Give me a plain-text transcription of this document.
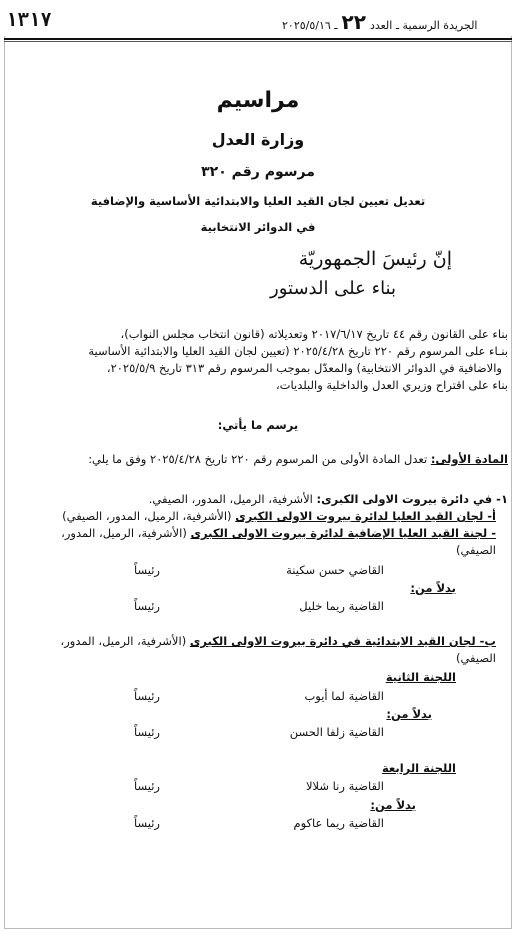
١٣١٧	الجريدة الرسمية ـ العدد٢٢ـ ٢٠٢٥/٥/١٦
مراسيم
وزارة العدل
مرسوم رقم ٣٢٠
تعديل تعيين لجان القيد العليا والابتدائية الأساسية والإضافية
في الدوائر الانتخابية
إنّ رئيسَ الجمهوريّة
بناء على الدستور
بناء على القانون رقم ٤٤ تاريخ ٢٠١٧/٦/١٧ وتعديلاته (قانون انتخاب مجلس النواب)،
بنـاء على المرسوم رقم ٢٢٠ تاريخ ٢٠٢٥/٤/٢٨ (تعيين لجان القيد العليا والابتدائية الأساسية
والاضافية في الدوائر الانتخابية) والمعدّل بموجب المرسوم رقم ٣١٣ تاريخ ٢٠٢٥/٥/٩،
بناء على اقتراح وزيري العدل والداخلية والبلديات،
يرسم ما يأتي:
المادة الأولى: تعدل المادة الأولى من المرسوم رقم ٢٢٠ تاريخ ٢٠٢٥/٤/٢٨ وفق ما يلي:
١- في دائرة بيروت الاولى الكبرى: الأشرفية، الرميل، المدور، الصيفي.
أ- لجان القيد العليا لدائرة بيروت الاولى الكبرى (الأشرفية، الرميل، المدور، الصيفي)
- لجنة القيد العليا الإضافية لدائرة بيروت الاولى الكبرى (الأشرفية، الرميل، المدور،
الصيفي)
القاضي حسن سكينة
رئيساً
بدلاً من:
القاضية ريما خليل
رئيساً
ب- لجان القيد الابتدائية في دائرة بيروت الاولى الكبرى (الأشرفية، الرميل، المدور،
الصيفي)
اللجنة الثانية
القاضية لما أيوب
رئيساً
بدلاً من:
القاضية زلفا الحسن
رئيساً
اللجنة الرابعة
القاضية رنا شلالا
رئيساً
بدلاً من:
القاضية ريما عاكوم
رئيساً
